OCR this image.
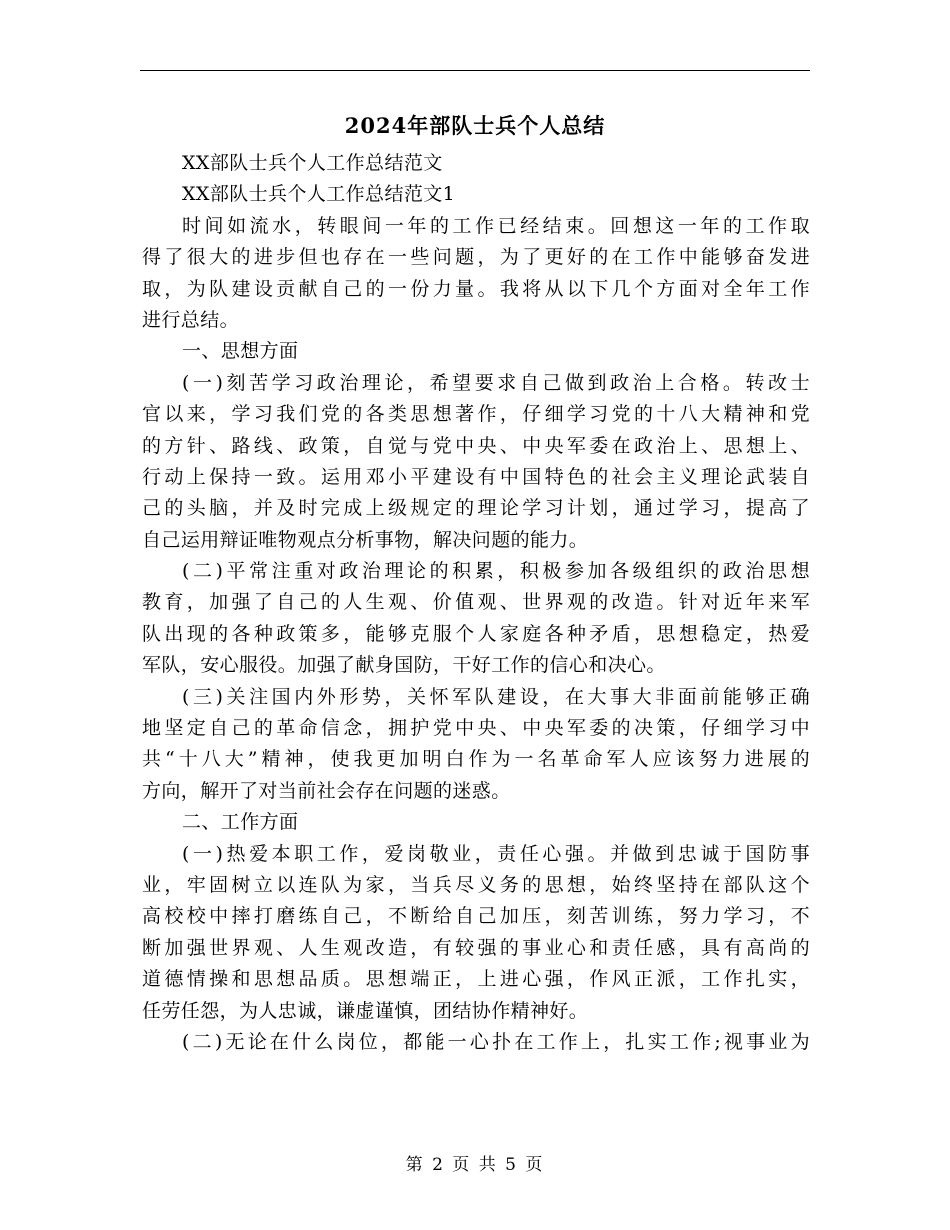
2024年部队士兵个人总结
XX部队士兵个人工作总结范文
XX部队士兵个人工作总结范文1
时间如流水，转眼间一年的工作已经结束。回想这一年的工作取
得了很大的进步但也存在一些问题，为了更好的在工作中能够奋发进
取，为队建设贡献自己的一份力量。我将从以下几个方面对全年工作
进行总结。
一、思想方面
(一)刻苦学习政治理论，希望要求自己做到政治上合格。转改士
官以来，学习我们党的各类思想著作，仔细学习党的十八大精神和党
的方针、路线、政策，自觉与党中央、中央军委在政治上、思想上、
行动上保持一致。运用邓小平建设有中国特色的社会主义理论武装自
己的头脑，并及时完成上级规定的理论学习计划，通过学习，提高了
自己运用辩证唯物观点分析事物，解决问题的能力。
(二)平常注重对政治理论的积累，积极参加各级组织的政治思想
教育，加强了自己的人生观、价值观、世界观的改造。针对近年来军
队出现的各种政策多，能够克服个人家庭各种矛盾，思想稳定，热爱
军队，安心服役。加强了献身国防，干好工作的信心和决心。
(三)关注国内外形势，关怀军队建设，在大事大非面前能够正确
地坚定自己的革命信念，拥护党中央、中央军委的决策，仔细学习中
共“十八大”精神，使我更加明白作为一名革命军人应该努力进展的
方向，解开了对当前社会存在问题的迷惑。
二、工作方面
(一)热爱本职工作，爱岗敬业，责任心强。并做到忠诚于国防事
业，牢固树立以连队为家，当兵尽义务的思想，始终坚持在部队这个
高校校中摔打磨练自己，不断给自己加压，刻苦训练，努力学习，不
断加强世界观、人生观改造，有较强的事业心和责任感，具有高尚的
道德情操和思想品质。思想端正，上进心强，作风正派，工作扎实，
任劳任怨，为人忠诚，谦虚谨慎，团结协作精神好。
(二)无论在什么岗位，都能一心扑在工作上，扎实工作;视事业为
第 2 页 共 5 页
